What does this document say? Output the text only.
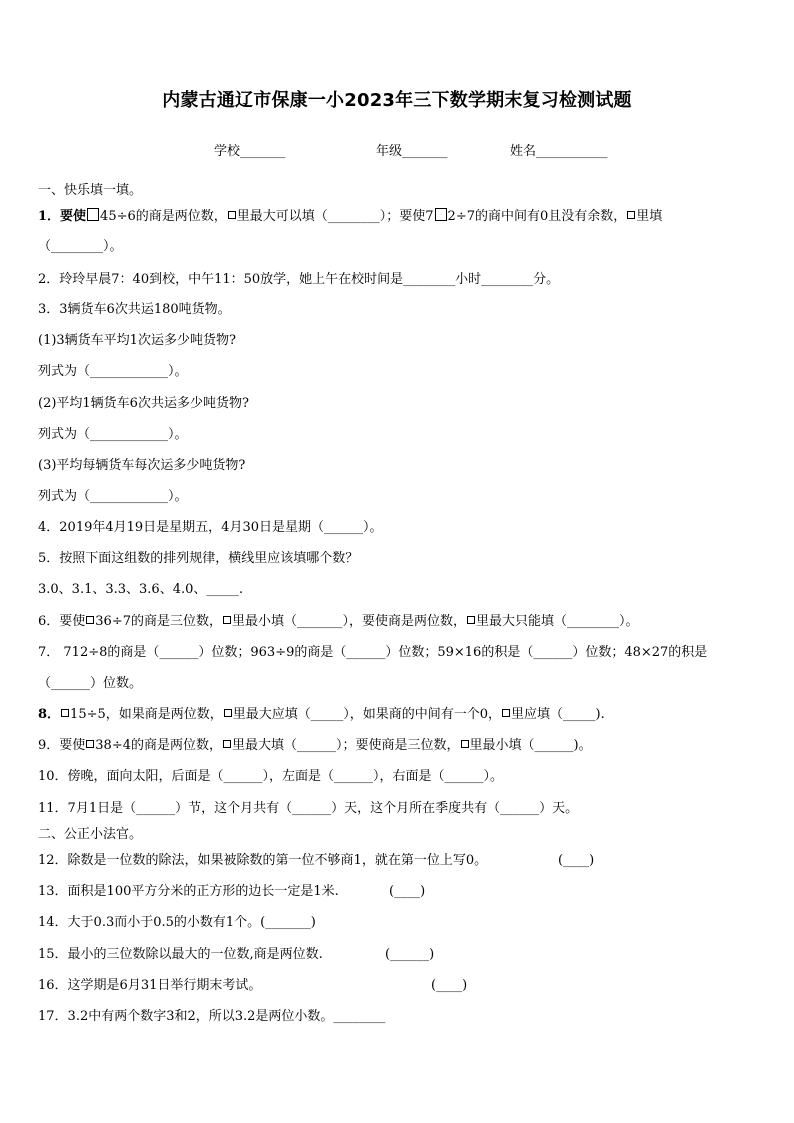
内蒙古通辽市保康一小2023年三下数学期末复习检测试题
学校_______	年级_______	姓名___________
一、快乐填一填。
1．要使 45÷6的商是两位数， 里最大可以填（________）；要使7 2÷7的商中间有0且没有余数， 里填
（________）。
2．玲玲早晨7：40到校，中午11：50放学，她上午在校时间是________小时________分。
3．3辆货车6次共运180吨货物。
(1)3辆货车平均1次运多少吨货物?
列式为（____________）。
(2)平均1辆货车6次共运多少吨货物?
列式为（____________）。
(3)平均每辆货车每次运多少吨货物?
列式为（____________）。
4．2019年4月19日是星期五，4月30日是星期（______）。
5．按照下面这组数的排列规律，横线里应该填哪个数？
3.0、3.1、3.3、3.6、4.0、_____.
6．要使 36÷7的商是三位数， 里最小填（_______），要使商是两位数， 里最大只能填（________）。
7． 712÷8的商是（______）位数；963÷9的商是（______）位数；59×16的积是（______）位数；48×27的积是
（______）位数。
8． 15÷5，如果商是两位数， 里最大应填（_____），如果商的中间有一个0， 里应填（_____).
9．要使 38÷4的商是两位数， 里最大填（______）；要使商是三位数， 里最小填（______)。
10．傍晚，面向太阳，后面是（______），左面是（______），右面是（______）。
11．7月1日是（______）节，这个月共有（______）天，这个月所在季度共有（______）天。
二、公正小法官。
12．除数是一位数的除法，如果被除数的第一位不够商1，就在第一位上写0。	(____)
13．面积是100平方分米的正方形的边长一定是1米.	(____)
14．大于0.3而小于0.5的小数有1个。(_______)
15．最小的三位数除以最大的一位数,商是两位数.	(______)
16．这学期是6月31日举行期末考试。	(____)
17．3.2中有两个数字3和2，所以3.2是两位小数。________
